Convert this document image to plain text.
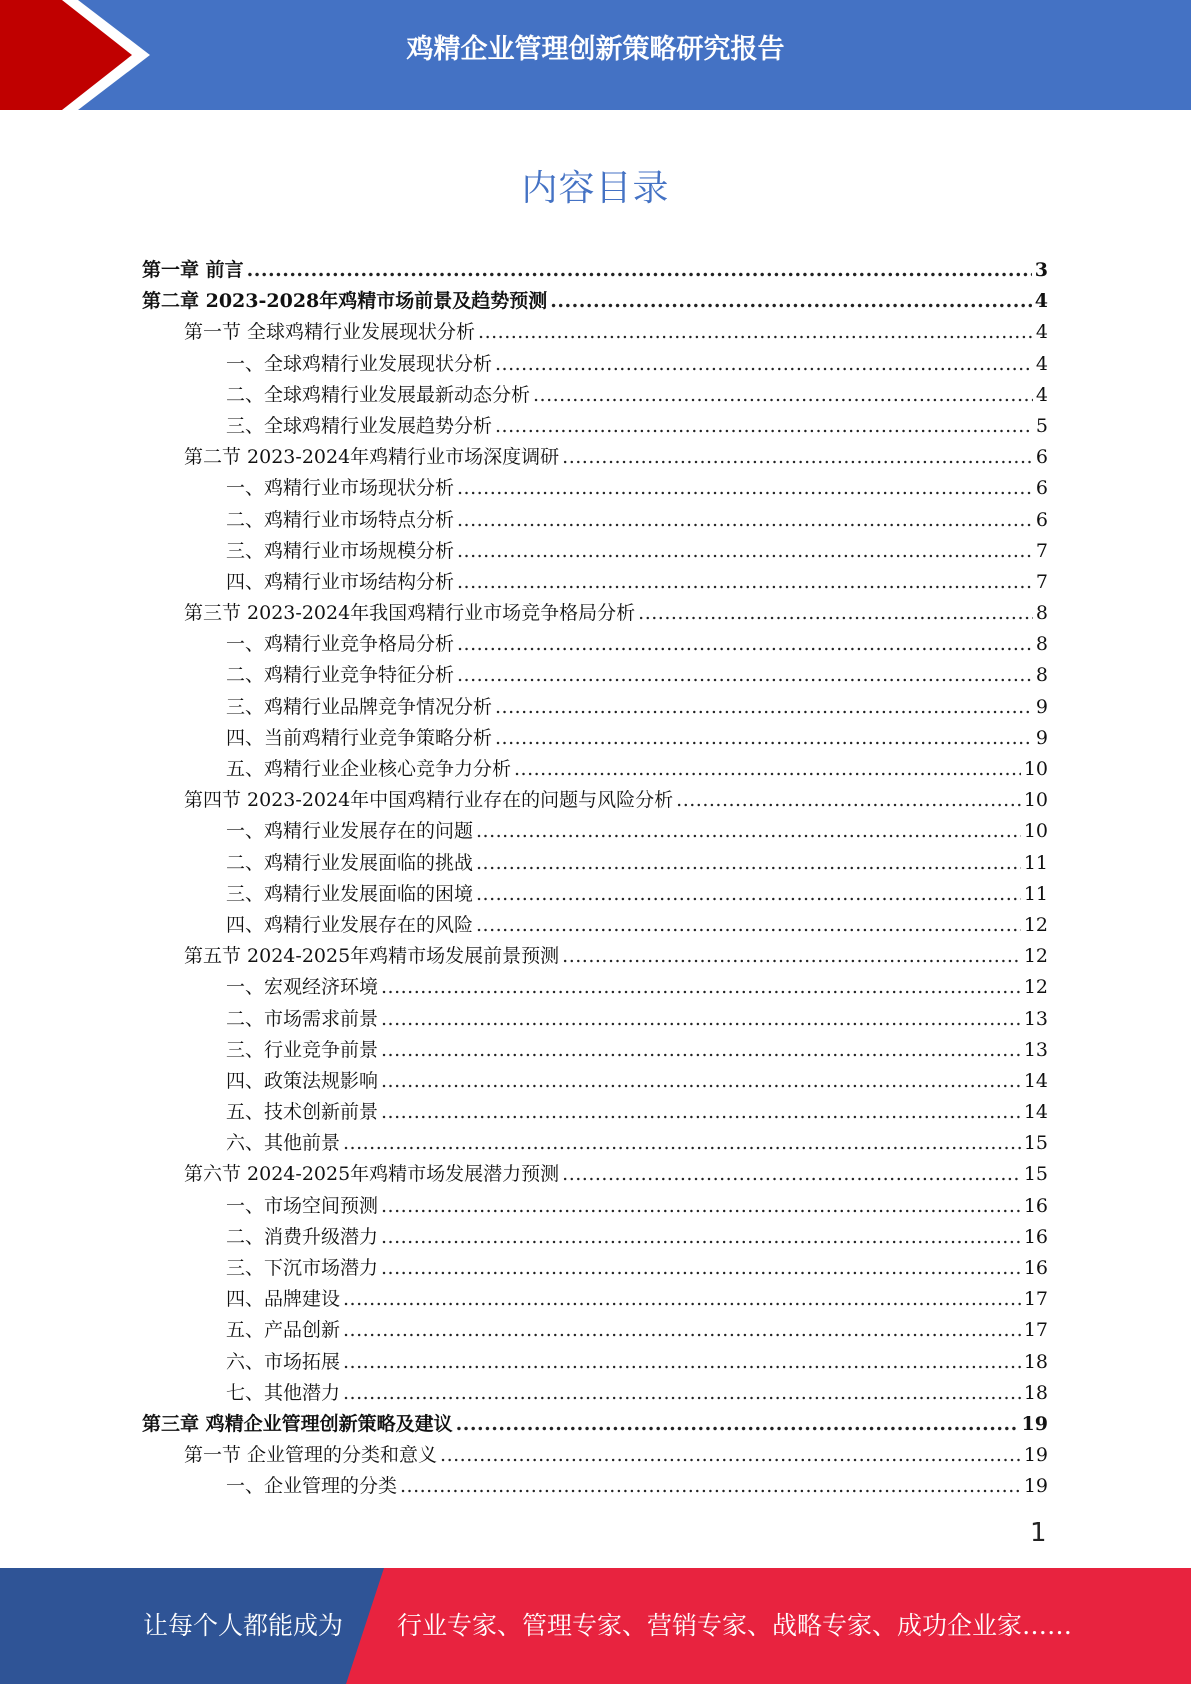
鸡精企业管理创新策略研究报告
内容目录
第一章 前言 .....	3
第二章 2023-2028年鸡精市场前景及趋势预测 .....	4
第一节 全球鸡精行业发展现状分析 .....	4
一、全球鸡精行业发展现状分析 .....	4
二、全球鸡精行业发展最新动态分析 .....	4
三、全球鸡精行业发展趋势分析 .....	5
第二节 2023-2024年鸡精行业市场深度调研 .....	6
一、鸡精行业市场现状分析 .....	6
二、鸡精行业市场特点分析 .....	6
三、鸡精行业市场规模分析 .....	7
四、鸡精行业市场结构分析 .....	7
第三节 2023-2024年我国鸡精行业市场竞争格局分析 .....	8
一、鸡精行业竞争格局分析 .....	8
二、鸡精行业竞争特征分析 .....	8
三、鸡精行业品牌竞争情况分析 .....	9
四、当前鸡精行业竞争策略分析 .....	9
五、鸡精行业企业核心竞争力分析 .....	10
第四节 2023-2024年中国鸡精行业存在的问题与风险分析 .....	10
一、鸡精行业发展存在的问题 .....	10
二、鸡精行业发展面临的挑战 .....	11
三、鸡精行业发展面临的困境 .....	11
四、鸡精行业发展存在的风险 .....	12
第五节 2024-2025年鸡精市场发展前景预测 .....	12
一、宏观经济环境 .....	12
二、市场需求前景 .....	13
三、行业竞争前景 .....	13
四、政策法规影响 .....	14
五、技术创新前景 .....	14
六、其他前景 .....	15
第六节 2024-2025年鸡精市场发展潜力预测 .....	15
一、市场空间预测 .....	16
二、消费升级潜力 .....	16
三、下沉市场潜力 .....	16
四、品牌建设 .....	17
五、产品创新 .....	17
六、市场拓展 .....	18
七、其他潜力 .....	18
第三章 鸡精企业管理创新策略及建议 .....	19
第一节 企业管理的分类和意义 .....	19
一、企业管理的分类 .....	19
1
让每个人都能成为 行业专家、管理专家、营销专家、战略专家、成功企业家……
